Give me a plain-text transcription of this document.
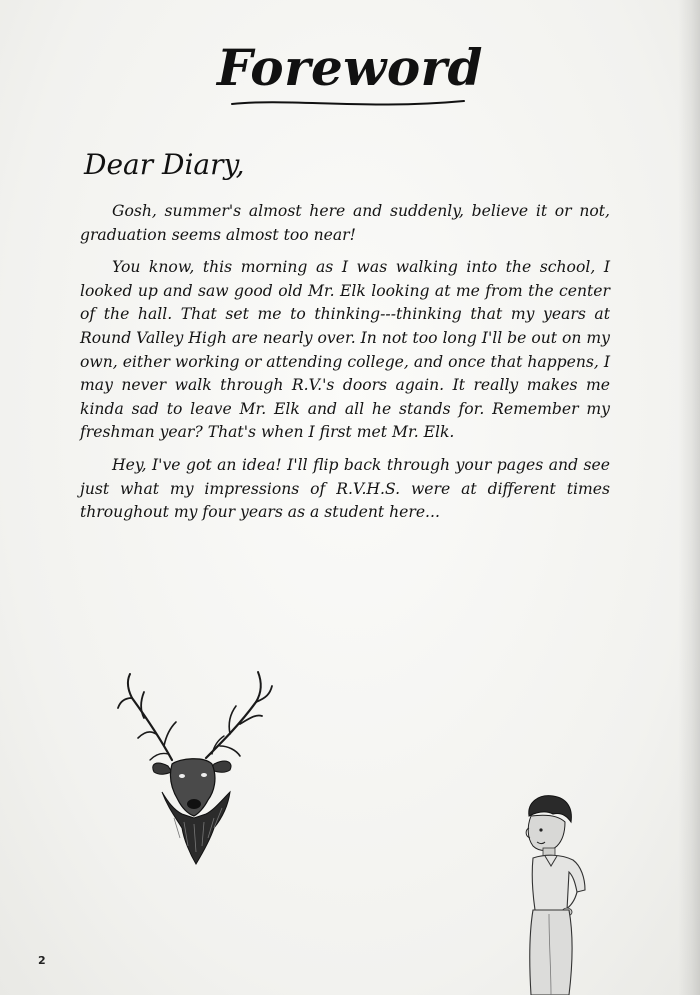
Foreword
Dear Diary,

Gosh, summer's almost here and suddenly, believe it or not, graduation seems almost too near!

You know, this morning as I was walking into the school, I looked up and saw good old Mr. Elk looking at me from the center of the hall. That set me to thinking---thinking that my years at Round Valley High are nearly over. In not too long I'll be out on my own, either working or attending college, and once that happens, I may never walk through R.V.'s doors again. It really makes me kinda sad to leave Mr. Elk and all he stands for. Remember my freshman year? That's when I first met Mr. Elk.

Hey, I've got an idea! I'll flip back through your pages and see just what my impressions of R.V.H.S. were at different times throughout my four years as a student here...

2
